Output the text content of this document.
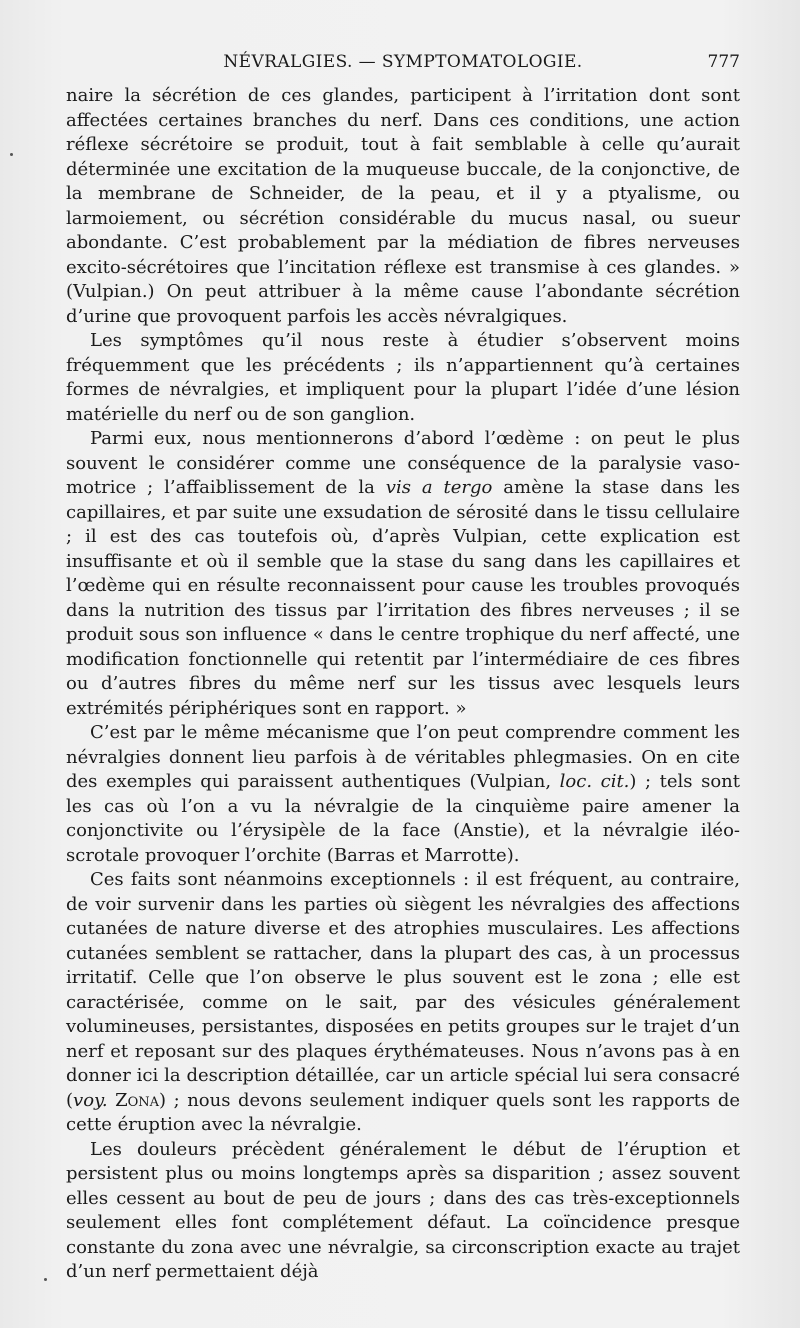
NÉVRALGIES. — SYMPTOMATOLOGIE.	777

naire la sécrétion de ces glandes, participent à l’irritation dont sont affectées certaines branches du nerf. Dans ces conditions, une action réflexe sécrétoire se produit, tout à fait semblable à celle qu’aurait déterminée une excitation de la muqueuse buccale, de la conjonctive, de la membrane de Schneider, de la peau, et il y a ptyalisme, ou larmoiement, ou sécrétion considérable du mucus nasal, ou sueur abondante. C’est probablement par la médiation de fibres nerveuses excito-sécrétoires que l’incitation réflexe est transmise à ces glandes. » (Vulpian.) On peut attribuer à la même cause l’abondante sécrétion d’urine que provoquent parfois les accès névralgiques.

Les symptômes qu’il nous reste à étudier s’observent moins fréquemment que les précédents ; ils n’appartiennent qu’à certaines formes de névralgies, et impliquent pour la plupart l’idée d’une lésion matérielle du nerf ou de son ganglion.

Parmi eux, nous mentionnerons d’abord l’œdème : on peut le plus souvent le considérer comme une conséquence de la paralysie vaso-motrice ; l’affaiblissement de la vis a tergo amène la stase dans les capillaires, et par suite une exsudation de sérosité dans le tissu cellulaire ; il est des cas toutefois où, d’après Vulpian, cette explication est insuffisante et où il semble que la stase du sang dans les capillaires et l’œdème qui en résulte reconnaissent pour cause les troubles provoqués dans la nutrition des tissus par l’irritation des fibres nerveuses ; il se produit sous son influence « dans le centre trophique du nerf affecté, une modification fonctionnelle qui retentit par l’intermédiaire de ces fibres ou d’autres fibres du même nerf sur les tissus avec lesquels leurs extrémités périphériques sont en rapport. »

C’est par le même mécanisme que l’on peut comprendre comment les névralgies donnent lieu parfois à de véritables phlegmasies. On en cite des exemples qui paraissent authentiques (Vulpian, loc. cit.) ; tels sont les cas où l’on a vu la névralgie de la cinquième paire amener la conjonctivite ou l’érysipèle de la face (Anstie), et la névralgie iléo-scrotale provoquer l’orchite (Barras et Marrotte).

Ces faits sont néanmoins exceptionnels : il est fréquent, au contraire, de voir survenir dans les parties où siègent les névralgies des affections cutanées de nature diverse et des atrophies musculaires. Les affections cutanées semblent se rattacher, dans la plupart des cas, à un processus irritatif. Celle que l’on observe le plus souvent est le zona ; elle est caractérisée, comme on le sait, par des vésicules généralement volumineuses, persistantes, disposées en petits groupes sur le trajet d’un nerf et reposant sur des plaques érythémateuses. Nous n’avons pas à en donner ici la description détaillée, car un article spécial lui sera consacré (voy. Zona) ; nous devons seulement indiquer quels sont les rapports de cette éruption avec la névralgie.

Les douleurs précèdent généralement le début de l’éruption et persistent plus ou moins longtemps après sa disparition ; assez souvent elles cessent au bout de peu de jours ; dans des cas très-exceptionnels seulement elles font complétement défaut. La coïncidence presque constante du zona avec une névralgie, sa circonscription exacte au trajet d’un nerf permettaient déjà
